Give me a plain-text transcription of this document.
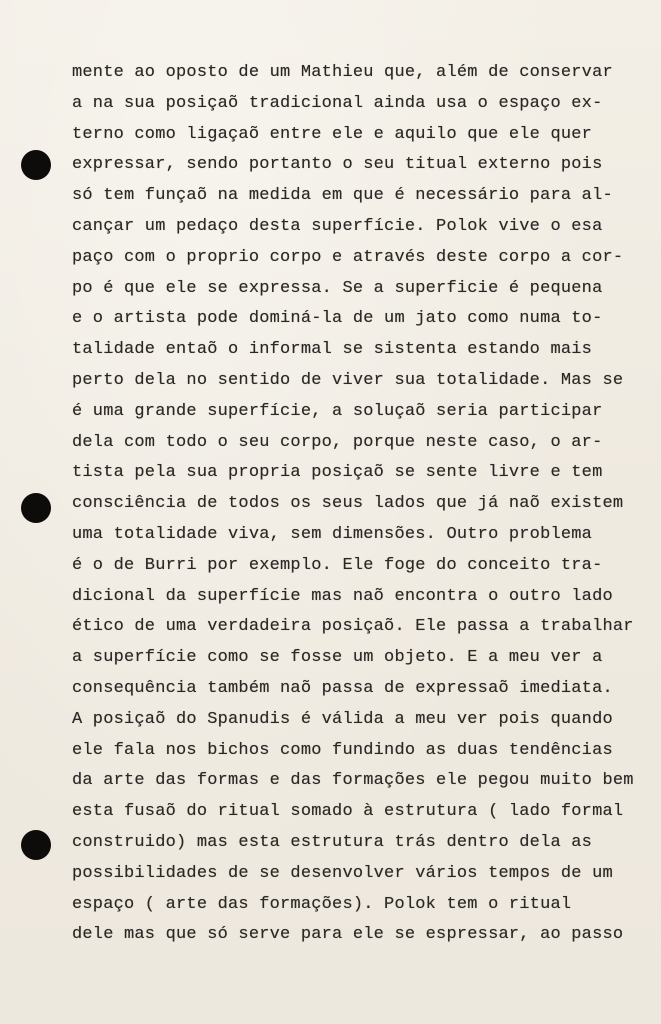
mente ao oposto de um Mathieu que, além de conservar
a na sua posiçaõ tradicional ainda usa o espaço ex-
terno como ligaçaõ entre ele e aquilo que ele quer
expressar, sendo portanto o seu titual externo pois
só tem funçaõ na medida em que é necessário para al-
cançar um pedaço desta superfície. Polok vive o esa
paço com o proprio corpo e através deste corpo a cor-
po é que ele se expressa. Se a superficie é pequena
e o artista pode dominá-la de um jato como numa to-
talidade entaõ o informal se sistenta estando mais
perto dela no sentido de viver sua totalidade. Mas se
é uma grande superfície, a soluçaõ seria participar
dela com todo o seu corpo, porque neste caso, o ar-
tista pela sua propria posiçaõ se sente livre e tem
consciência de todos os seus lados que já naõ existem
uma totalidade viva, sem dimensões. Outro problema
é o de Burri por exemplo. Ele foge do conceito tra-
dicional da superfície mas naõ encontra o outro lado
ético de uma verdadeira posiçaõ. Ele passa a trabalhar
a superfície como se fosse um objeto. E a meu ver a
consequência também naõ passa de expressaõ imediata.
A posiçaõ do Spanudis é válida a meu ver pois quando
ele fala nos bichos como fundindo as duas tendências
da arte das formas e das formações ele pegou muito bem
esta fusaõ do ritual somado à estrutura ( lado formal
construido) mas esta estrutura trás dentro dela as
possibilidades de se desenvolver vários tempos de um
espaço ( arte das formações). Polok tem o ritual
dele mas que só serve para ele se espressar, ao passo
